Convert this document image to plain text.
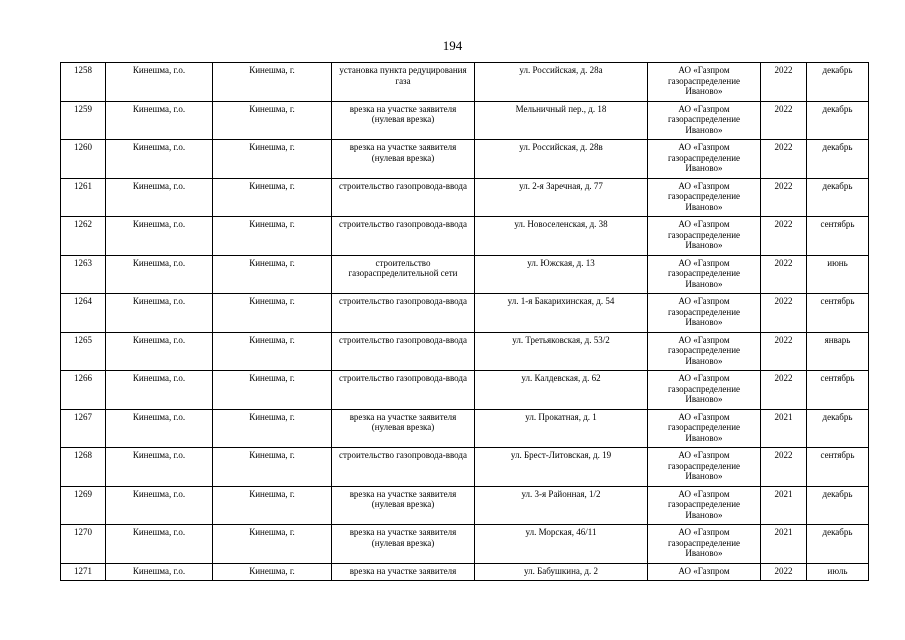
194
1258	Кинешма, г.о.	Кинешма, г.	установка пункта редуцирования газа	ул. Российская, д. 28а	АО «Газпром газораспределение Иваново»	2022	декабрь
1259	Кинешма, г.о.	Кинешма, г.	врезка на участке заявителя (нулевая врезка)	Мельничный пер., д. 18	АО «Газпром газораспределение Иваново»	2022	декабрь
1260	Кинешма, г.о.	Кинешма, г.	врезка на участке заявителя (нулевая врезка)	ул. Российская, д. 28в	АО «Газпром газораспределение Иваново»	2022	декабрь
1261	Кинешма, г.о.	Кинешма, г.	строительство газопровода-ввода	ул. 2-я Заречная, д. 77	АО «Газпром газораспределение Иваново»	2022	декабрь
1262	Кинешма, г.о.	Кинешма, г.	строительство газопровода-ввода	ул. Новоселенская, д. 38	АО «Газпром газораспределение Иваново»	2022	сентябрь
1263	Кинешма, г.о.	Кинешма, г.	строительство газораспределительной сети	ул. Южская, д. 13	АО «Газпром газораспределение Иваново»	2022	июнь
1264	Кинешма, г.о.	Кинешма, г.	строительство газопровода-ввода	ул. 1-я Бакарихинская, д. 54	АО «Газпром газораспределение Иваново»	2022	сентябрь
1265	Кинешма, г.о.	Кинешма, г.	строительство газопровода-ввода	ул. Третьяковская, д. 53/2	АО «Газпром газораспределение Иваново»	2022	январь
1266	Кинешма, г.о.	Кинешма, г.	строительство газопровода-ввода	ул. Калдевская, д. 62	АО «Газпром газораспределение Иваново»	2022	сентябрь
1267	Кинешма, г.о.	Кинешма, г.	врезка на участке заявителя (нулевая врезка)	ул. Прокатная, д. 1	АО «Газпром газораспределение Иваново»	2021	декабрь
1268	Кинешма, г.о.	Кинешма, г.	строительство газопровода-ввода	ул. Брест-Литовская, д. 19	АО «Газпром газораспределение Иваново»	2022	сентябрь
1269	Кинешма, г.о.	Кинешма, г.	врезка на участке заявителя (нулевая врезка)	ул. 3-я Районная, 1/2	АО «Газпром газораспределение Иваново»	2021	декабрь
1270	Кинешма, г.о.	Кинешма, г.	врезка на участке заявителя (нулевая врезка)	ул. Морская, 46/11	АО «Газпром газораспределение Иваново»	2021	декабрь
1271	Кинешма, г.о.	Кинешма, г.	врезка на участке заявителя	ул. Бабушкина, д. 2	АО «Газпром	2022	июль
